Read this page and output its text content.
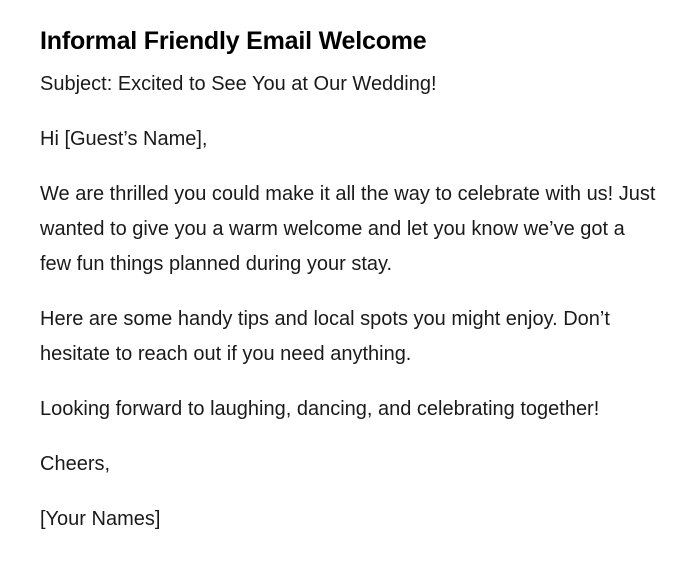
Informal Friendly Email Welcome

Subject: Excited to See You at Our Wedding!

Hi [Guest’s Name],

We are thrilled you could make it all the way to celebrate with us! Just wanted to give you a warm welcome and let you know we’ve got a few fun things planned during your stay.

Here are some handy tips and local spots you might enjoy. Don’t hesitate to reach out if you need anything.

Looking forward to laughing, dancing, and celebrating together!

Cheers,

[Your Names]
